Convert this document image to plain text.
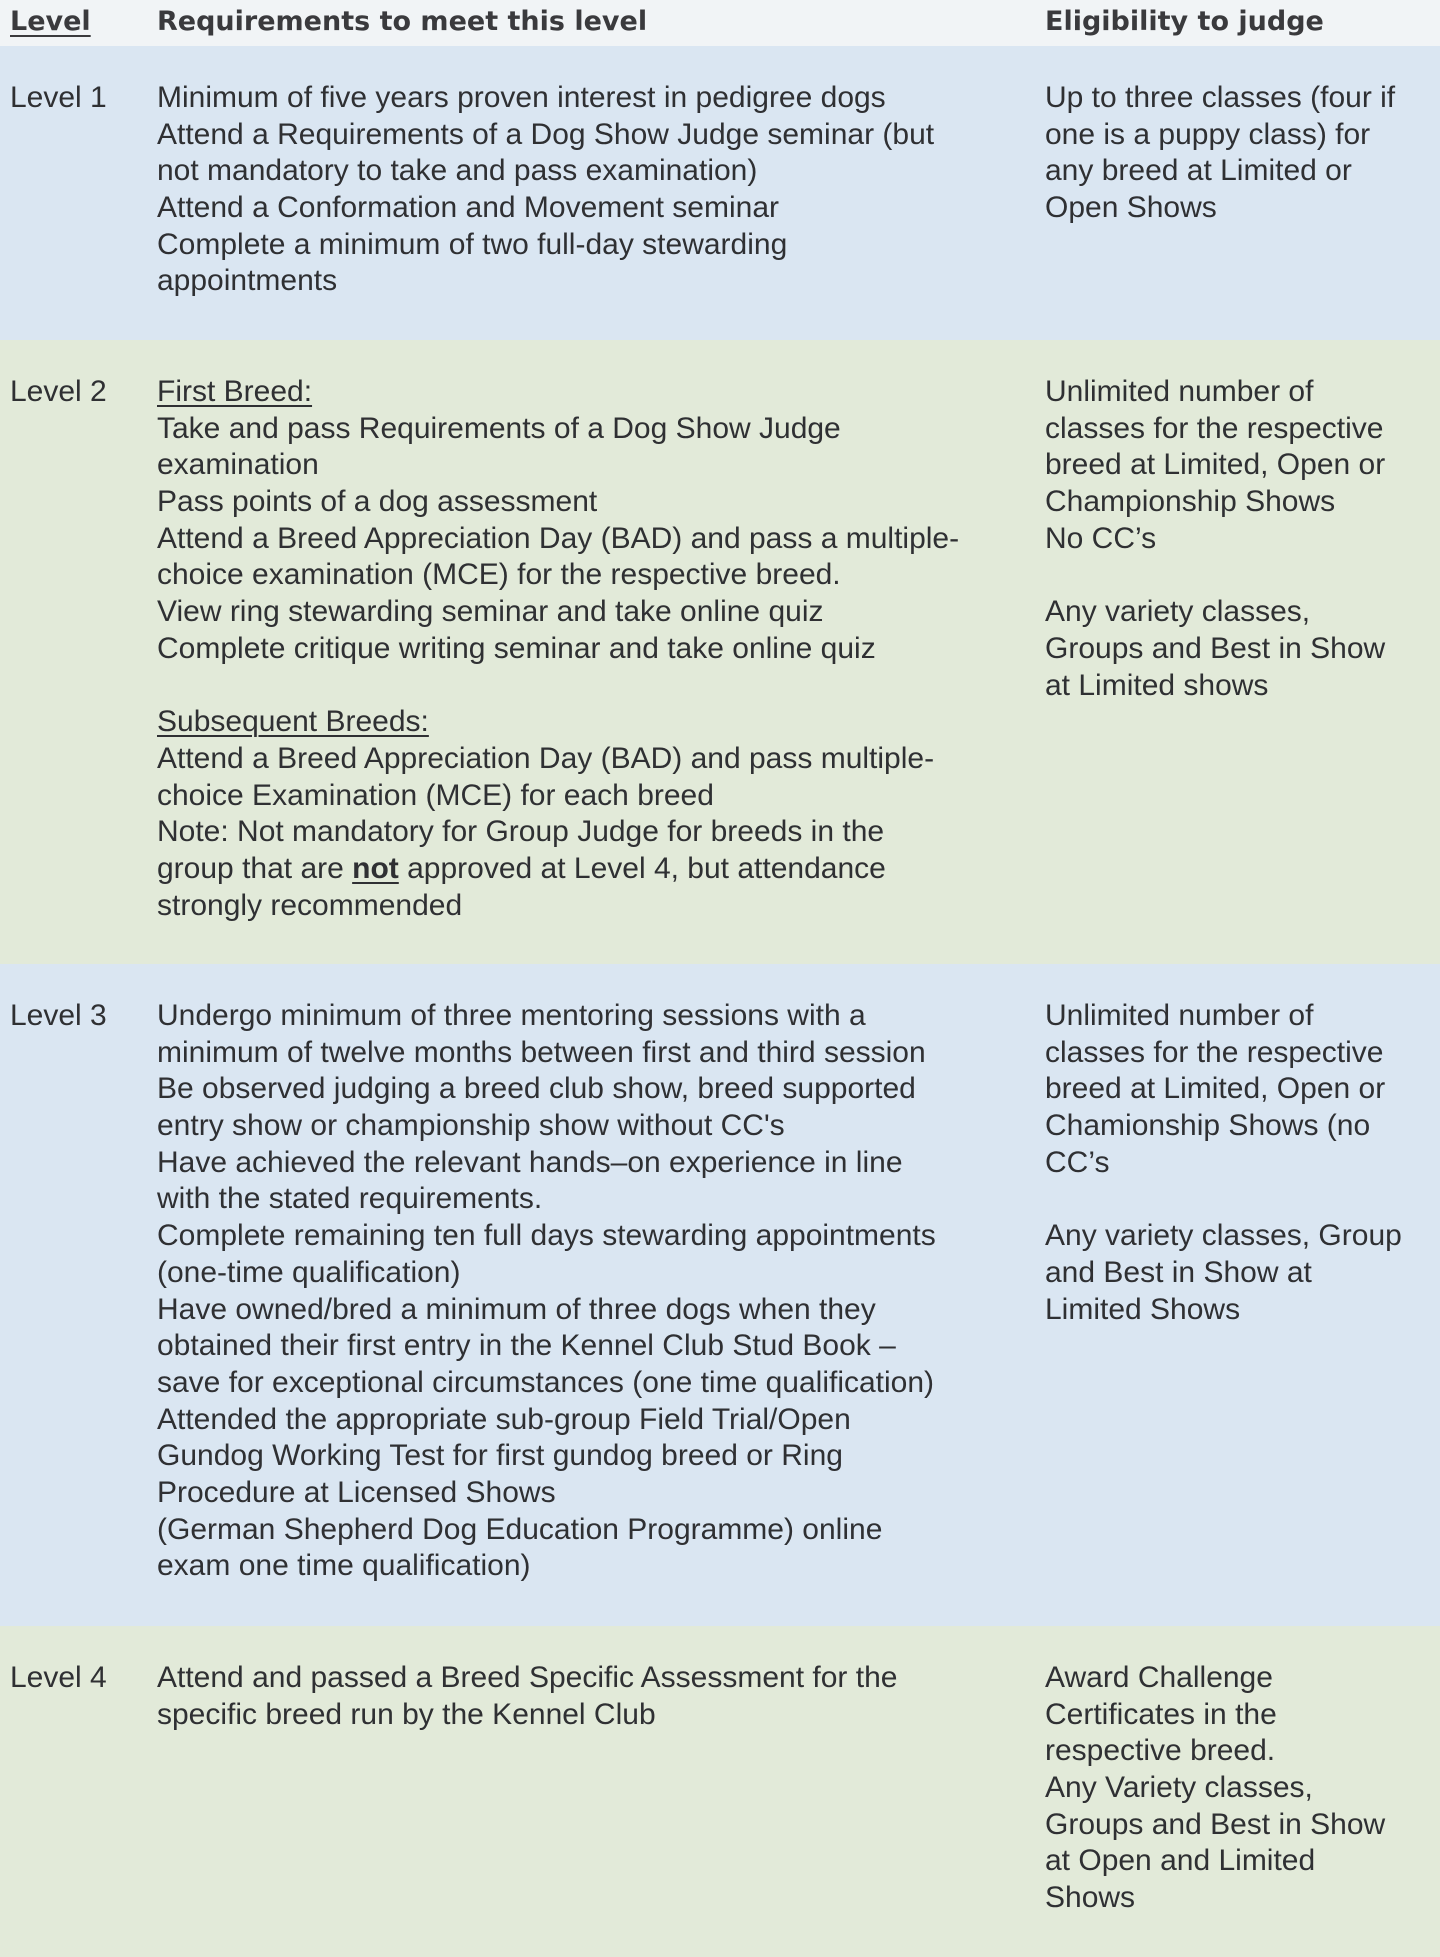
Level Requirements to meet this level	Eligibility to judge
Level 1 Minimum of five years proven interest in pedigree dogs
Attend a Requirements of a Dog Show Judge seminar (but
not mandatory to take and pass examination)
Attend a Conformation and Movement seminar
Complete a minimum of two full-day stewarding
appointments
Up to three classes (four if
one is a puppy class) for
any breed at Limited or
Open Shows
Level 2 First Breed:
Take and pass Requirements of a Dog Show Judge
examination
Pass points of a dog assessment
Attend a Breed Appreciation Day (BAD) and pass a multiple-
choice examination (MCE) for the respective breed.
View ring stewarding seminar and take online quiz
Complete critique writing seminar and take online quiz
Subsequent Breeds:
Attend a Breed Appreciation Day (BAD) and pass multiple-
choice Examination (MCE) for each breed
Note: Not mandatory for Group Judge for breeds in the
group that are not approved at Level 4, but attendance
strongly recommended
Unlimited number of
classes for the respective
breed at Limited, Open or
Championship Shows
No CC’s
Any variety classes,
Groups and Best in Show
at Limited shows
Level 3 Undergo minimum of three mentoring sessions with a
minimum of twelve months between first and third session
Be observed judging a breed club show, breed supported
entry show or championship show without CC's
Have achieved the relevant hands–on experience in line
with the stated requirements.
Complete remaining ten full days stewarding appointments
(one-time qualification)
Have owned/bred a minimum of three dogs when they
obtained their first entry in the Kennel Club Stud Book –
save for exceptional circumstances (one time qualification)
Attended the appropriate sub-group Field Trial/Open
Gundog Working Test for first gundog breed or Ring
Procedure at Licensed Shows
(German Shepherd Dog Education Programme) online
exam one time qualification)
Unlimited number of
classes for the respective
breed at Limited, Open or
Chamionship Shows (no
CC’s
Any variety classes, Group
and Best in Show at
Limited Shows
Level 4 Attend and passed a Breed Specific Assessment for the
specific breed run by the Kennel Club
Award Challenge
Certificates in the
respective breed.
Any Variety classes,
Groups and Best in Show
at Open and Limited
Shows
